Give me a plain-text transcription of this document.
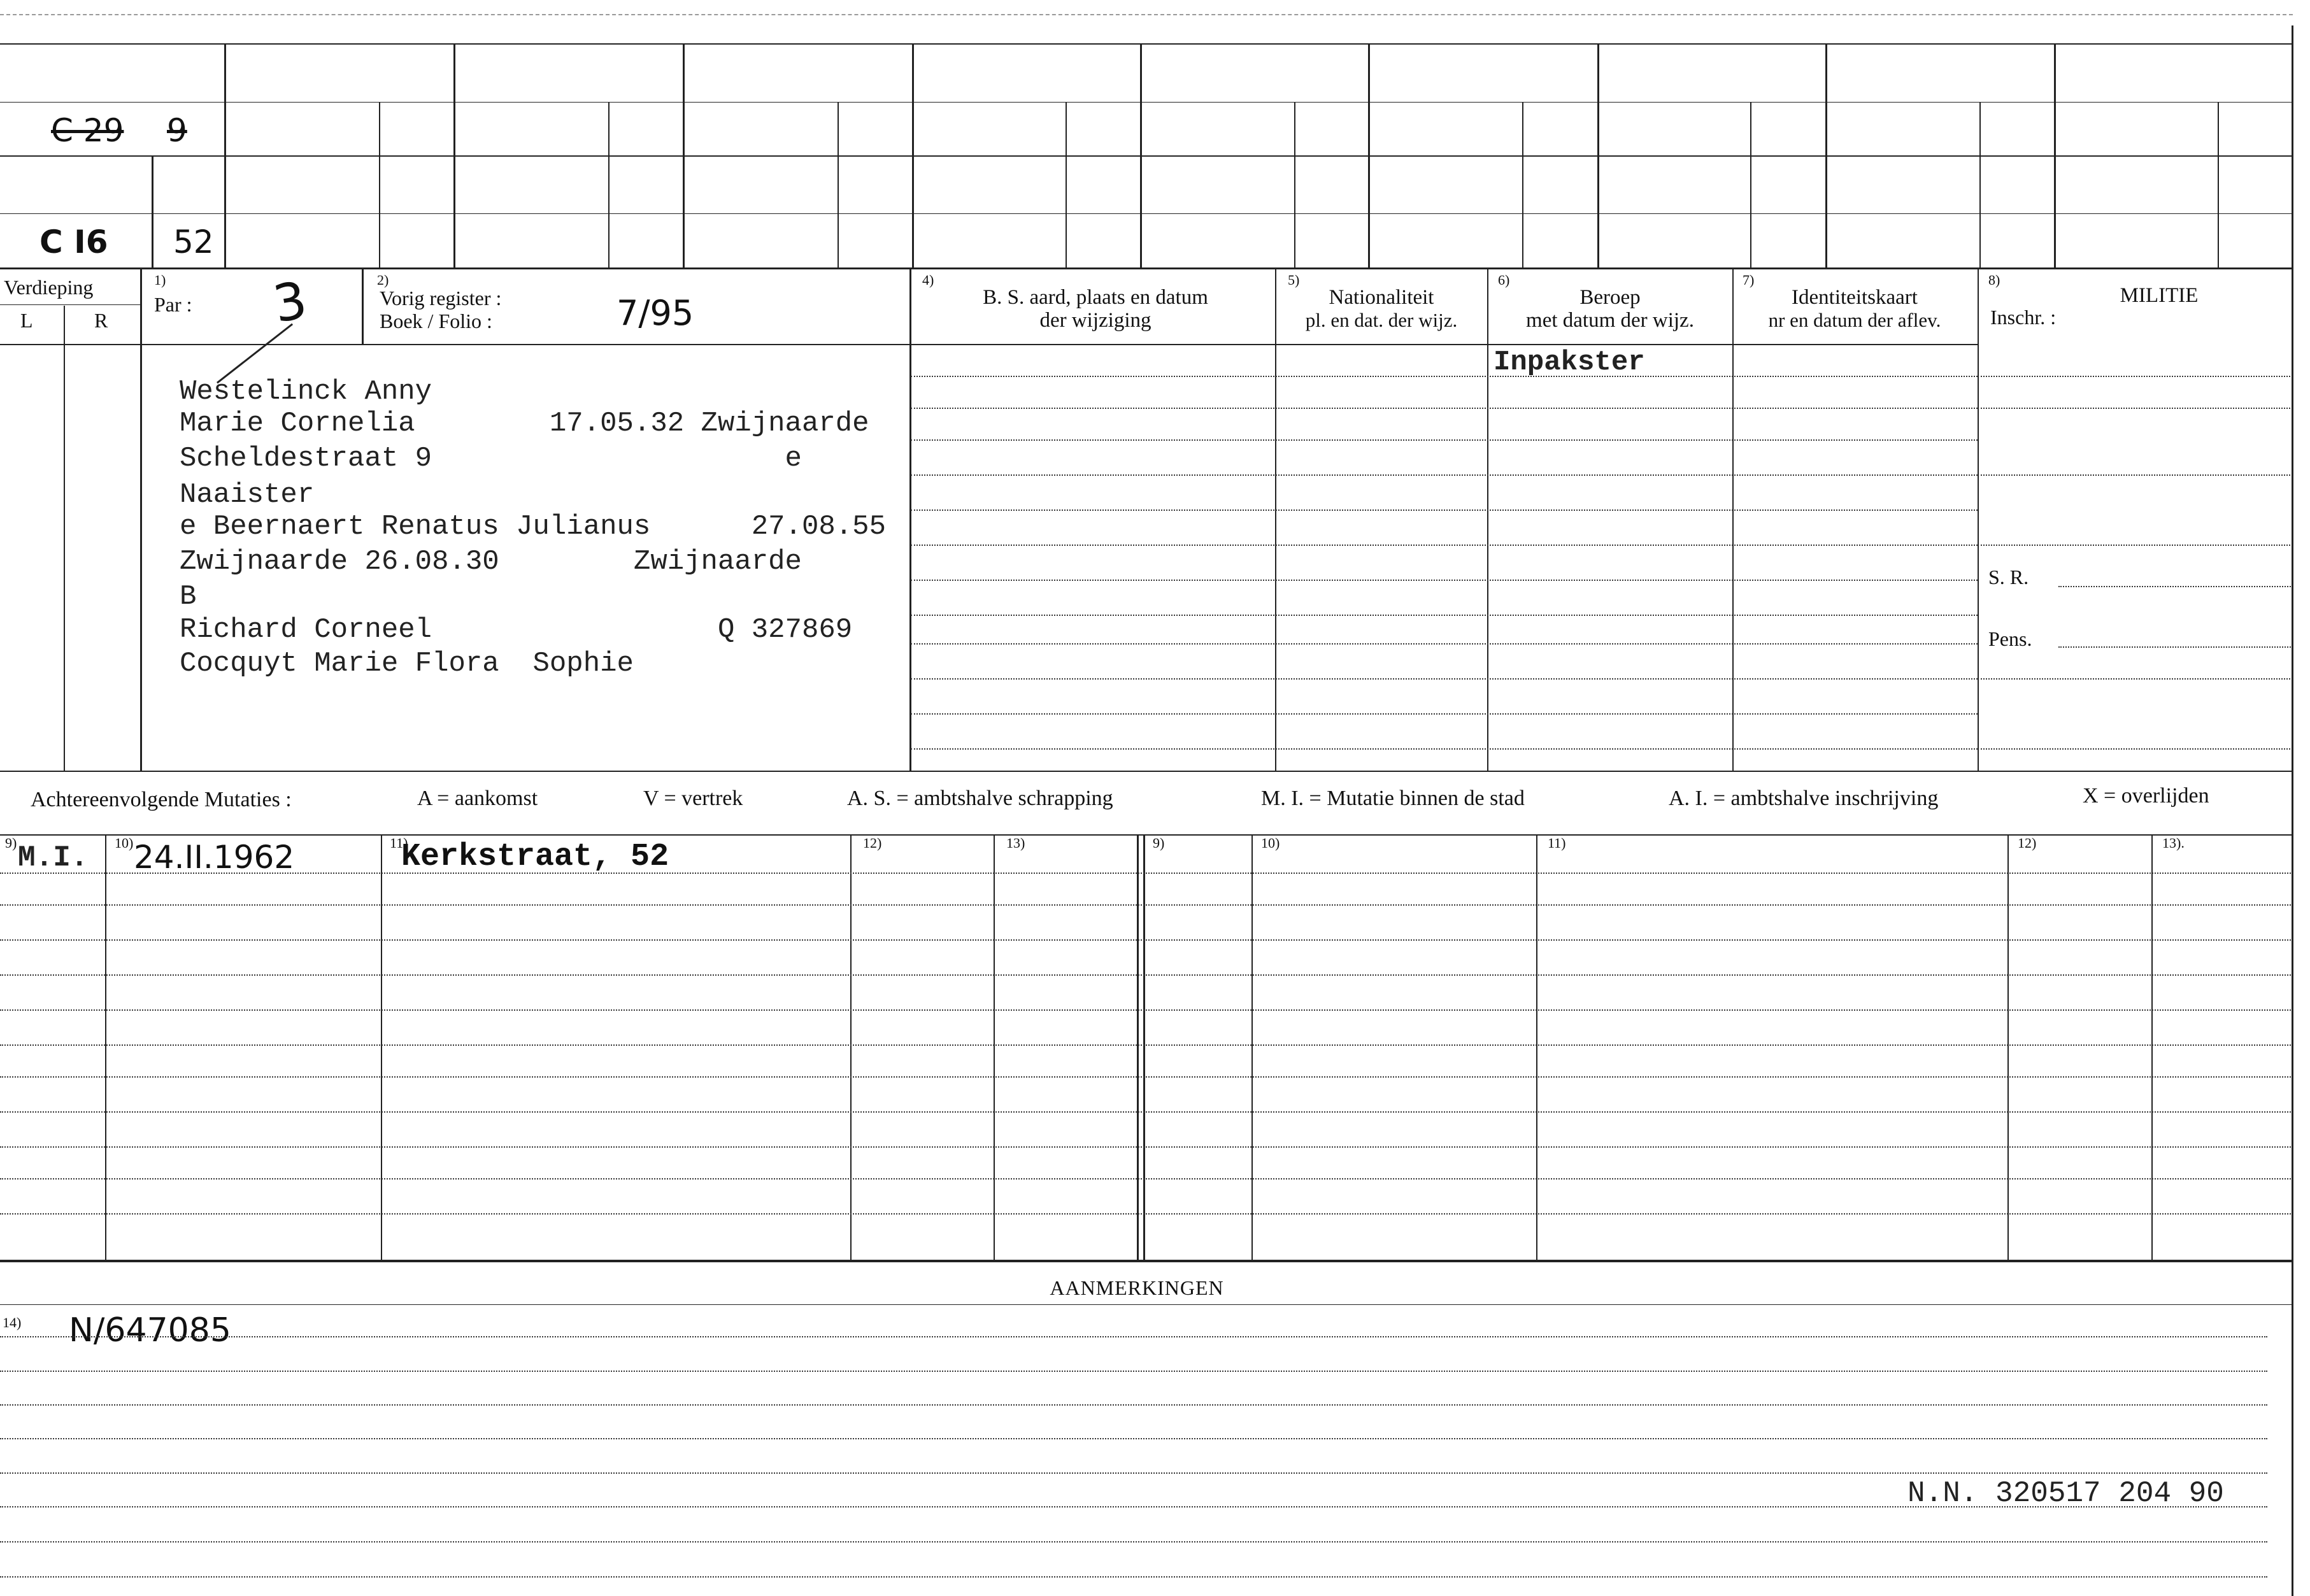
C 29 9
C I6 52
Verdieping
L	R
1)
Par : 3	2)
Vorig register :
Boek / Folio :	7/95
4)
B. S. aard, plaats en datum
der wijziging
5)
Nationaliteit
pl. en dat. der wijz.
6)
Beroep
met datum der wijz.
7)
Identiteitskaart
nr en datum der aflev.
8)
MILITIE
Inschr. :
S. R.
Pens.
Westelinck Anny
Marie Cornelia        17.05.32 Zwijnaarde
Scheldestraat 9                     e
Naaister
e Beernaert Renatus Julianus      27.08.55
Zwijnaarde 26.08.30        Zwijnaarde
B
Richard Corneel                 Q 327869
Cocquyt Marie Flora  Sophie
Inpakster
Achtereenvolgende Mutaties :	A = aankomst	V = vertrek	A. S. = ambtshalve schrapping	M. I. = Mutatie binnen de stad	A. I. = ambtshalve inschrijving	X = overlijden
9)	10)	11)	12)	13)	9)	10)	11)	12)	13).
M.I. 24.II.1962	Kerkstraat, 52
AANMERKINGEN
14) N/647085
N.N. 320517 204 90
